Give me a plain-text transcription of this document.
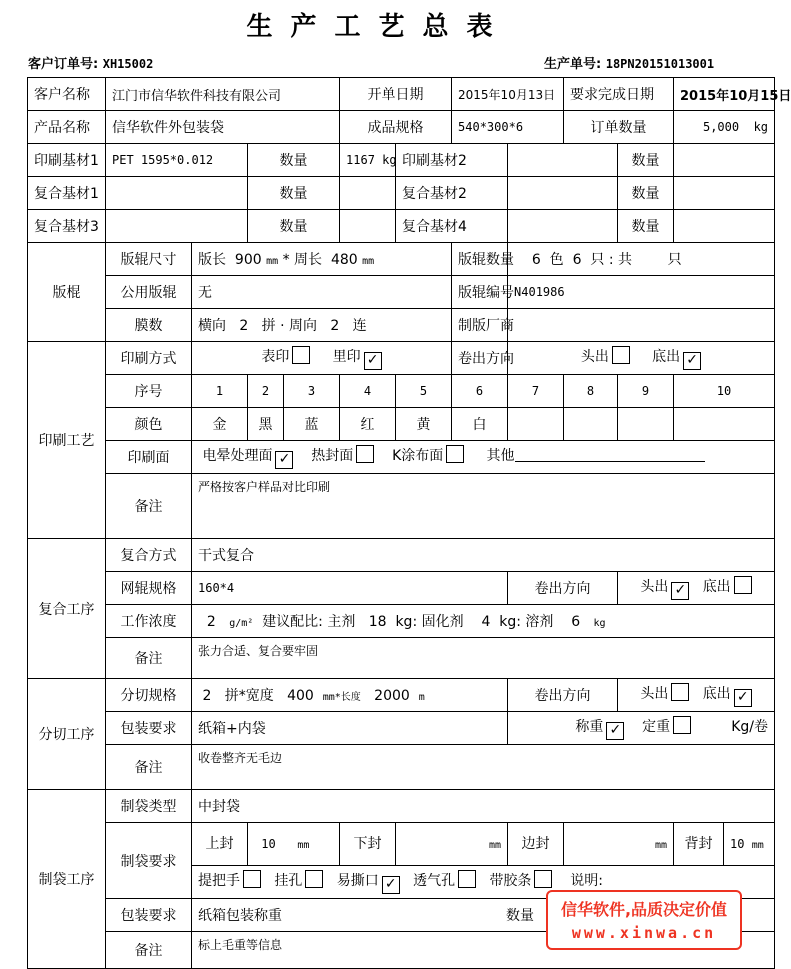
生产工艺总表
客户订单号: XH15002	生产单号: 18PN20151013001
客户名称	江门市信华软件科技有限公司				开单日期		2015年10月13日		要求完成日期		2015年10月15日		
产品名称	信华软件外包装袋				成品规格		540*300*6		订单数量		5,000 kg		
印刷基材1	PET 1595*0.012		数量		1167 kg	印刷基材2				数量			
复合基材1			数量			复合基材2				数量			
复合基材3			数量			复合基材4				数量			
版棍	版辊尺寸	版长 900 mm * 周长 480 mm					版辊数量	6 色 6 只 : 共 只					
	公用版辊	无					版辊编号	N401986					
	膜数	横向 2 拼 · 周向 2 连					制版厂商						
印刷工艺	印刷方式	表印 里印 ✓					卷出方向	头出 底出 ✓					
	序号	1	2	3	4	5	6	7	8	9	10		
	颜色	金	黑	蓝	红	黄	白						
	印刷面	电晕处理面 ✓ 热封面 K涂布面 其他											
	备注	严格按客户样品对比印刷											
复合工序	复合方式	干式复合											
	网辊规格	160*4						卷出方向		头出 ✓ 底出			
	工作浓度	2 g/m² 建议配比: 主剂 18 kg: 固化剂 4 kg: 溶剂 6 kg											
	备注	张力合适、复合要牢固											
分切工序	分切规格	2 拼*宽度 400 mm*长度 2000 m						卷出方向		头出 底出 ✓			
	包装要求	纸箱+内袋						称重 ✓ 定重 Kg/卷					
	备注	收卷整齐无毛边											
制袋工序	制袋类型	中封袋											
	制袋要求	上封	10 mm		下封	mm		边封	mm		背封	10 mm	
		提把手 挂孔 易撕口 ✓ 透气孔 带胶条 说明:											
	包装要求	纸箱包装称重 数量											
	备注	标上毛重等信息											
信华软件,品质决定价值
www.xinwa.cn
